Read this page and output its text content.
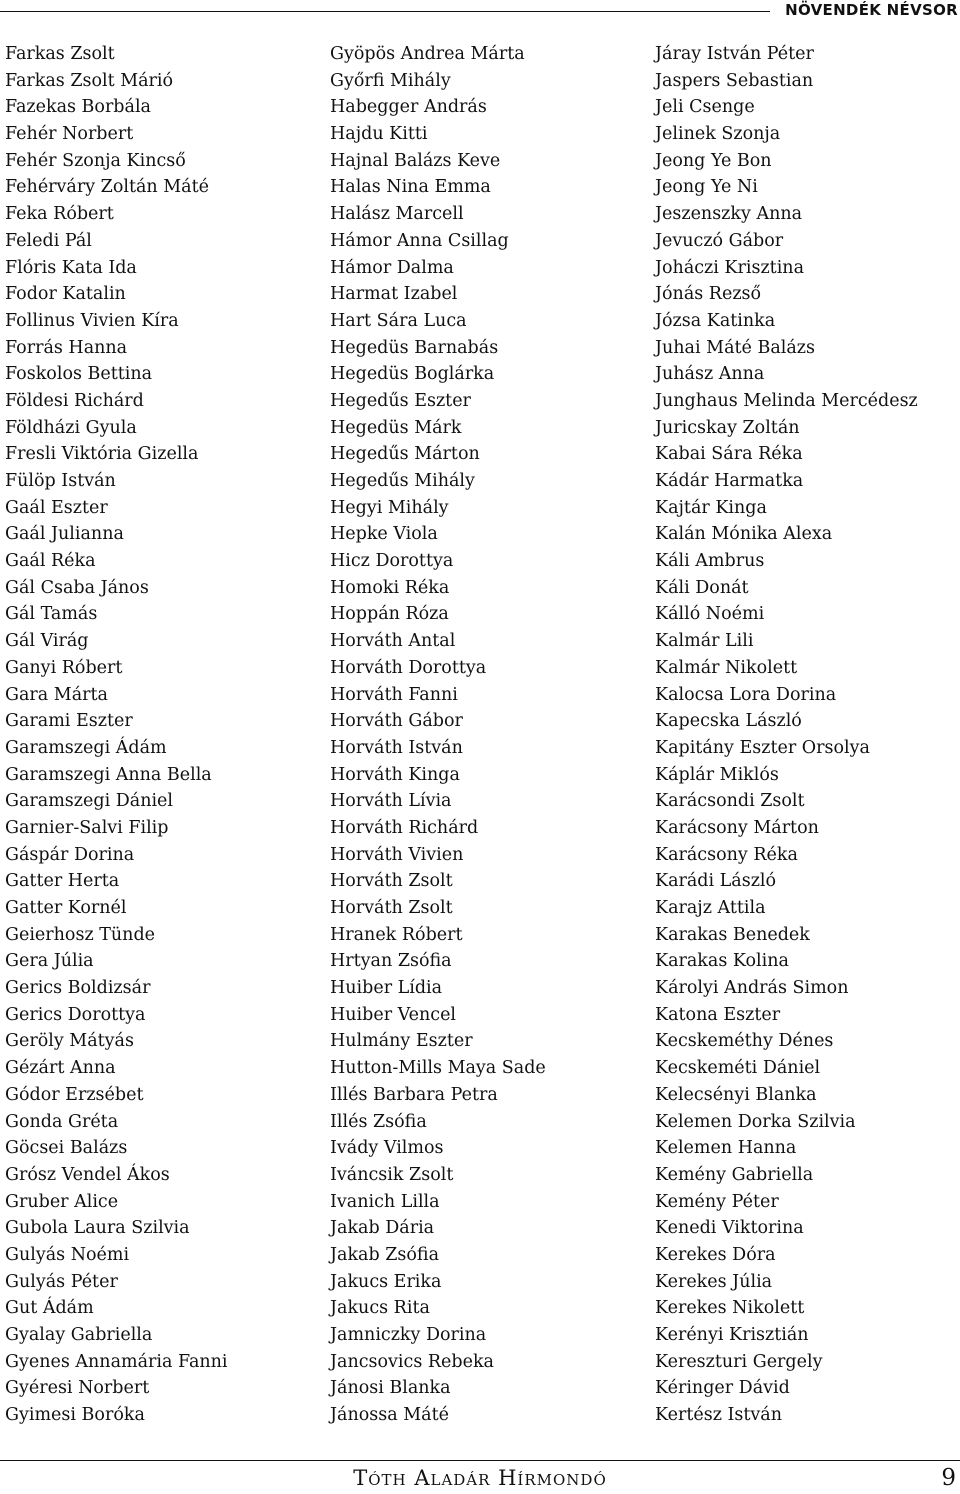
NÖVENDÉK NÉVSOR
Farkas Zsolt
Farkas Zsolt Márió
Fazekas Borbála
Fehér Norbert
Fehér Szonja Kincső
Fehérváry Zoltán Máté
Feka Róbert
Feledi Pál
Flóris Kata Ida
Fodor Katalin
Follinus Vivien Kíra
Forrás Hanna
Foskolos Bettina
Földesi Richárd
Földházi Gyula
Fresli Viktória Gizella
Fülöp István
Gaál Eszter
Gaál Julianna
Gaál Réka
Gál Csaba János
Gál Tamás
Gál Virág
Ganyi Róbert
Gara Márta
Garami Eszter
Garamszegi Ádám
Garamszegi Anna Bella
Garamszegi Dániel
Garnier-Salvi Filip
Gáspár Dorina
Gatter Herta
Gatter Kornél
Geierhosz Tünde
Gera Júlia
Gerics Boldizsár
Gerics Dorottya
Geröly Mátyás
Gézárt Anna
Gódor Erzsébet
Gonda Gréta
Göcsei Balázs
Grósz Vendel Ákos
Gruber Alice
Gubola Laura Szilvia
Gulyás Noémi
Gulyás Péter
Gut Ádám
Gyalay Gabriella
Gyenes Annamária Fanni
Gyéresi Norbert
Gyimesi Boróka
Gyöpös Andrea Márta
Győrfi Mihály
Habegger András
Hajdu Kitti
Hajnal Balázs Keve
Halas Nina Emma
Halász Marcell
Hámor Anna Csillag
Hámor Dalma
Harmat Izabel
Hart Sára Luca
Hegedüs Barnabás
Hegedüs Boglárka
Hegedűs Eszter
Hegedüs Márk
Hegedűs Márton
Hegedűs Mihály
Hegyi Mihály
Hepke Viola
Hicz Dorottya
Homoki Réka
Hoppán Róza
Horváth Antal
Horváth Dorottya
Horváth Fanni
Horváth Gábor
Horváth István
Horváth Kinga
Horváth Lívia
Horváth Richárd
Horváth Vivien
Horváth Zsolt
Horváth Zsolt
Hranek Róbert
Hrtyan Zsófia
Huiber Lídia
Huiber Vencel
Hulmány Eszter
Hutton-Mills Maya Sade
Illés Barbara Petra
Illés Zsófia
Ivády Vilmos
Iváncsik Zsolt
Ivanich Lilla
Jakab Dária
Jakab Zsófia
Jakucs Erika
Jakucs Rita
Jamniczky Dorina
Jancsovics Rebeka
Jánosi Blanka
Jánossa Máté
Járay István Péter
Jaspers Sebastian
Jeli Csenge
Jelinek Szonja
Jeong Ye Bon
Jeong Ye Ni
Jeszenszky Anna
Jevuczó Gábor
Joháczi Krisztina
Jónás Rezső
Józsa Katinka
Juhai Máté Balázs
Juhász Anna
Junghaus Melinda Mercédesz
Juricskay Zoltán
Kabai Sára Réka
Kádár Harmatka
Kajtár Kinga
Kalán Mónika Alexa
Káli Ambrus
Káli Donát
Kálló Noémi
Kalmár Lili
Kalmár Nikolett
Kalocsa Lora Dorina
Kapecska László
Kapitány Eszter Orsolya
Káplár Miklós
Karácsondi Zsolt
Karácsony Márton
Karácsony Réka
Karádi László
Karajz Attila
Karakas Benedek
Karakas Kolina
Károlyi András Simon
Katona Eszter
Kecskeméthy Dénes
Kecskeméti Dániel
Kelecsényi Blanka
Kelemen Dorka Szilvia
Kelemen Hanna
Kemény Gabriella
Kemény Péter
Kenedi Viktorina
Kerekes Dóra
Kerekes Júlia
Kerekes Nikolett
Kerényi Krisztián
Kereszturi Gergely
Kéringer Dávid
Kertész István
Tóth Aladár Hírmondó	9
